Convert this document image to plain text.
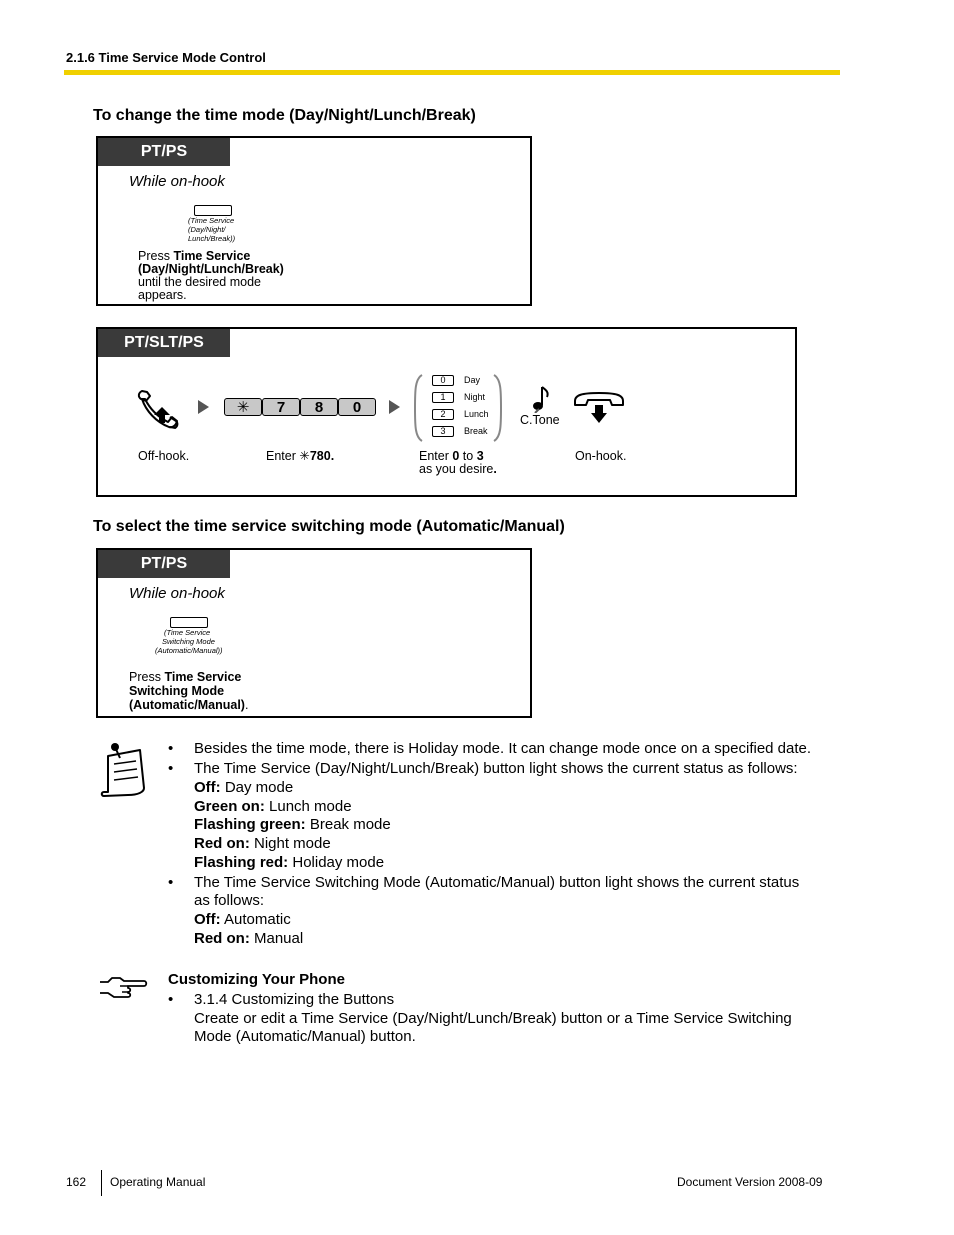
2.1.6 Time Service Mode Control
To change the time mode (Day/Night/Lunch/Break)
PT/PS
While on-hook
(Time Service
(Day/Night/
Lunch/Break))
Press Time Service
(Day/Night/Lunch/Break)
until the desired mode
appears.
PT/SLT/PS
✳	7	8	0
0	Day
1	Night
2	Lunch
3	Break
C.Tone
Off-hook.	Enter ✳780.	Enter 0 to 3
as you desire.
On-hook.
To select the time service switching mode (Automatic/Manual)
PT/PS
While on-hook
(Time Service
Switching Mode
(Automatic/Manual))
Press Time Service
Switching Mode
(Automatic/Manual).
• Besides the time mode, there is Holiday mode. It can change mode once on a specified date.
• The Time Service (Day/Night/Lunch/Break) button light shows the current status as follows:
Off: Day mode
Green on: Lunch mode
Flashing green: Break mode
Red on: Night mode
Flashing red: Holiday mode
• The Time Service Switching Mode (Automatic/Manual) button light shows the current status
as follows:
Off: Automatic
Red on: Manual
Customizing Your Phone
• 3.1.4 Customizing the Buttons
Create or edit a Time Service (Day/Night/Lunch/Break) button or a Time Service Switching
Mode (Automatic/Manual) button.
162 Operating Manual	Document Version 2008-09
